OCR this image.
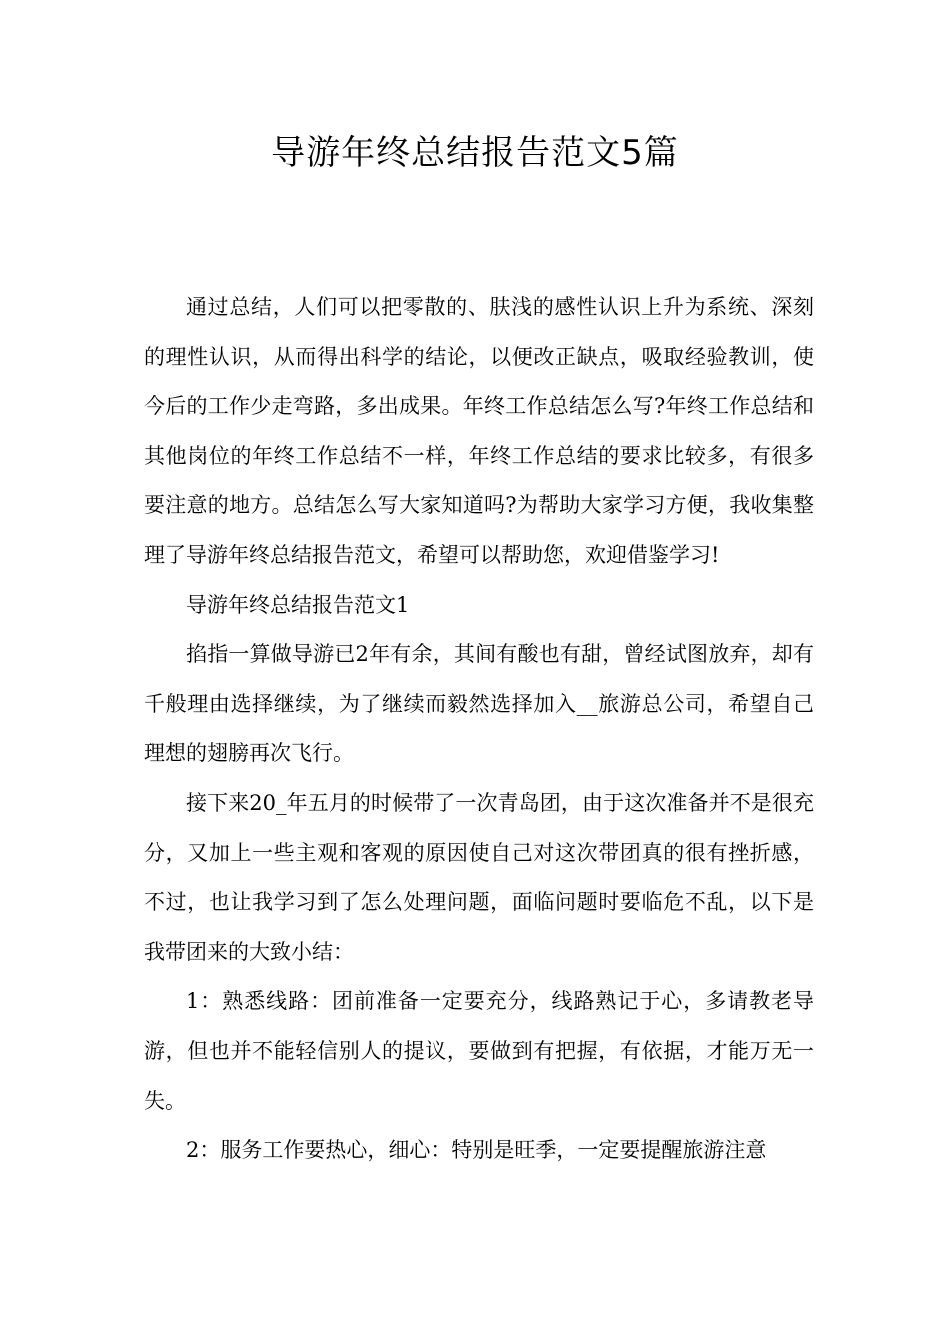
导游年终总结报告范文5篇

通过总结，人们可以把零散的、肤浅的感性认识上升为系统、深刻的理性认识，从而得出科学的结论，以便改正缺点，吸取经验教训，使今后的工作少走弯路，多出成果。年终工作总结怎么写?年终工作总结和其他岗位的年终工作总结不一样，年终工作总结的要求比较多，有很多要注意的地方。总结怎么写大家知道吗?为帮助大家学习方便，我收集整理了导游年终总结报告范文，希望可以帮助您，欢迎借鉴学习!

导游年终总结报告范文1

掐指一算做导游已2年有余，其间有酸也有甜，曾经试图放弃，却有千般理由选择继续，为了继续而毅然选择加入__旅游总公司，希望自己理想的翅膀再次飞行。

接下来20_年五月的时候带了一次青岛团，由于这次准备并不是很充分，又加上一些主观和客观的原因使自己对这次带团真的很有挫折感，不过，也让我学习到了怎么处理问题，面临问题时要临危不乱，以下是我带团来的大致小结：

1：熟悉线路：团前准备一定要充分，线路熟记于心，多请教老导游，但也并不能轻信别人的提议，要做到有把握，有依据，才能万无一失。

2：服务工作要热心，细心：特别是旺季，一定要提醒旅游注意
